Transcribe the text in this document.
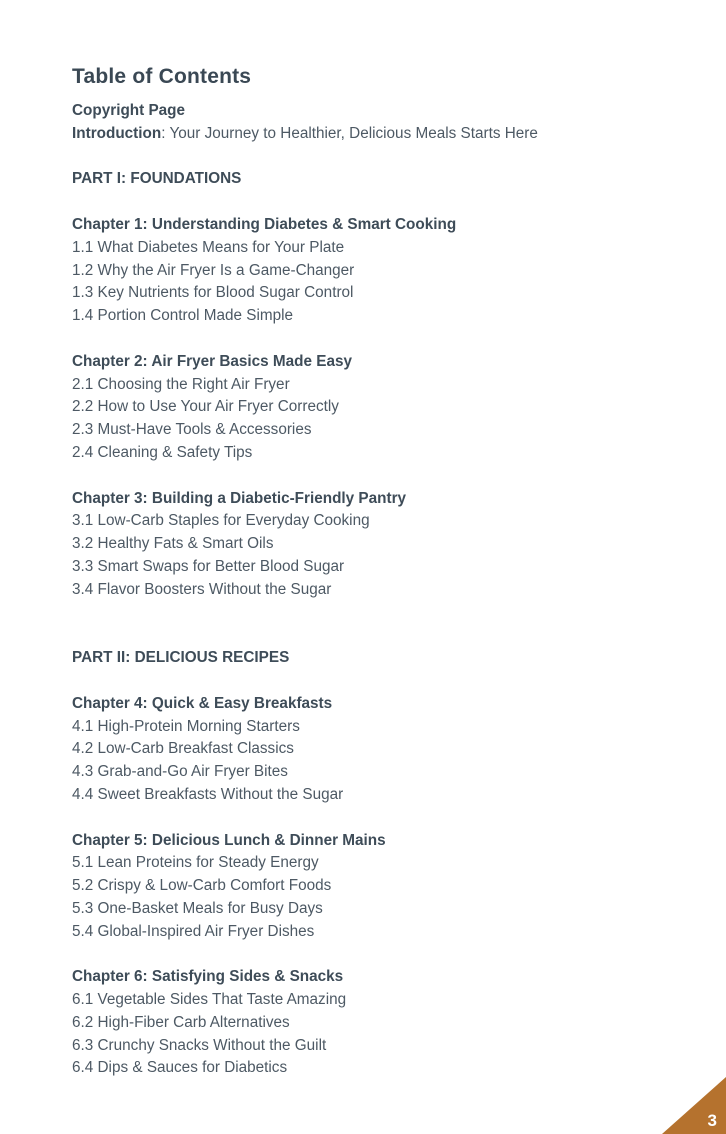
Table of Contents
Copyright Page
Introduction: Your Journey to Healthier, Delicious Meals Starts Here
PART I: FOUNDATIONS
Chapter 1: Understanding Diabetes & Smart Cooking
1.1 What Diabetes Means for Your Plate
1.2 Why the Air Fryer Is a Game-Changer
1.3 Key Nutrients for Blood Sugar Control
1.4 Portion Control Made Simple
Chapter 2: Air Fryer Basics Made Easy
2.1 Choosing the Right Air Fryer
2.2 How to Use Your Air Fryer Correctly
2.3 Must-Have Tools & Accessories
2.4 Cleaning & Safety Tips
Chapter 3: Building a Diabetic-Friendly Pantry
3.1 Low-Carb Staples for Everyday Cooking
3.2 Healthy Fats & Smart Oils
3.3 Smart Swaps for Better Blood Sugar
3.4 Flavor Boosters Without the Sugar
PART II: DELICIOUS RECIPES
Chapter 4: Quick & Easy Breakfasts
4.1 High-Protein Morning Starters
4.2 Low-Carb Breakfast Classics
4.3 Grab-and-Go Air Fryer Bites
4.4 Sweet Breakfasts Without the Sugar
Chapter 5: Delicious Lunch & Dinner Mains
5.1 Lean Proteins for Steady Energy
5.2 Crispy & Low-Carb Comfort Foods
5.3 One-Basket Meals for Busy Days
5.4 Global-Inspired Air Fryer Dishes
Chapter 6: Satisfying Sides & Snacks
6.1 Vegetable Sides That Taste Amazing
6.2 High-Fiber Carb Alternatives
6.3 Crunchy Snacks Without the Guilt
6.4 Dips & Sauces for Diabetics
3
